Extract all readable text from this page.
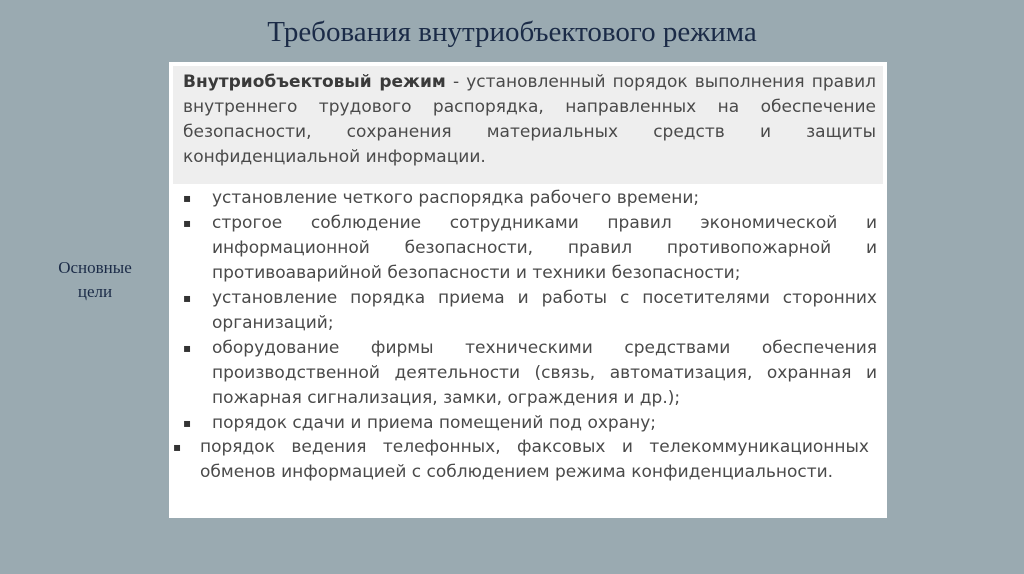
Требования внутриобъектового режима
Основные
цели
Внутриобъектовый режим - установленный порядок выполнения правил внутреннего трудового распорядка, направленных на обеспечение безопасности, сохранения материальных средств и защиты конфиденциальной информации.
▪ установление четкого распорядка рабочего времени;
▪ строгое соблюдение сотрудниками правил экономической и информационной безопасности, правил противопожарной и противоаварийной безопасности и техники безопасности;
▪ установление порядка приема и работы с посетителями сторонних организаций;
▪ оборудование фирмы техническими средствами обеспечения производственной деятельности (связь, автоматизация, охранная и пожарная сигнализация, замки, ограждения и др.);
▪ порядок сдачи и приема помещений под охрану;
▪ порядок ведения телефонных, факсовых и телекоммуникационных обменов информацией с соблюдением режима конфиденциальности.
